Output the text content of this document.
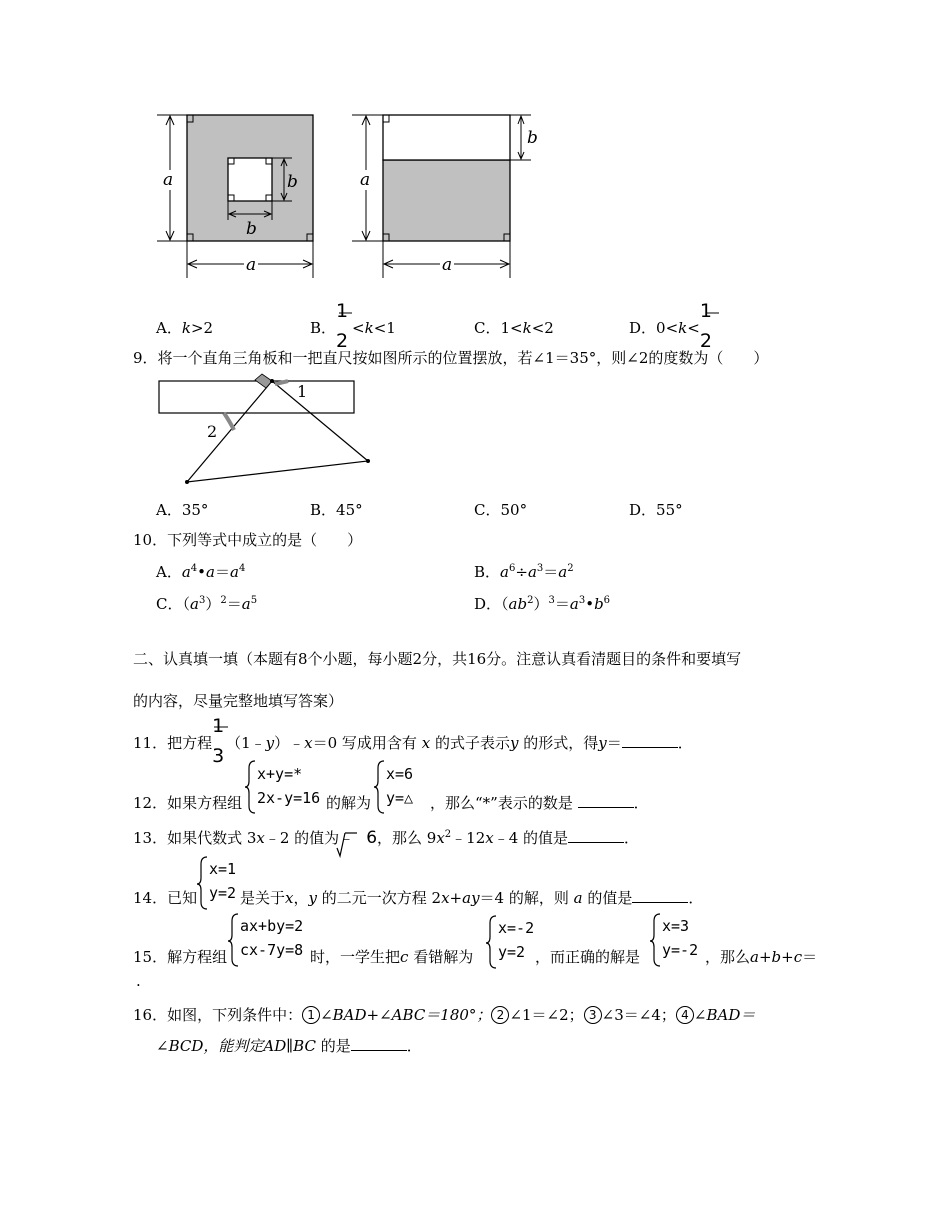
a	b
b
a
a
b
a
A．k>2	B．
1
2
<k<1	C．1<k<2	D．0<k<
1
2
9．将一个直角三角板和一把直尺按如图所示的位置摆放，若∠1＝35°，则∠2的度数为（　　）
1
2
A．35°	B．45°	C．50°	D．55°
10．下列等式中成立的是（　　）
A．$a^4•a=a^4$	B．$a^6\div a^3=a^2$
C．$(a^3)^2=a^5$	D．$(ab^2)^3=a^3•b^6$
二、认真填一填（本题有8个小题，每小题2分，共16分。注意认真看清题目的条件和要填写
的内容，尽量完整地填写答案）
11．把方程
1
3
（1﹣y）﹣x＝0 写成用含有 x 的式子表示y 的形式，得y＝	．
12．如果方程组
x+y=*
2x-y=16 的解为
x=6
y=△ ，那么“*”表示的数是	．
13．如果代数式 3x﹣2 的值为﹣ 6，那么 $9x^2﹣12x﹣4$ 的值是	．
14．已知
x=1
y=2 是关于x，y 的二元一次方程 2x+ay＝4 的解，则 a 的值是	．
15．解方程组
ax+by=2
cx-7y=8 时，一学生把c 看错解为
x=-2
y=2 ，而正确的解是
x=3
y=-2 ，那么a+b+c＝
.
16．如图，下列条件中： 1 ∠BAD+∠ABC＝180°； 2 ∠1＝∠2； 3 ∠3＝∠4； 4 ∠BAD＝
∠BCD，能判定AD∥BC 的是	．
